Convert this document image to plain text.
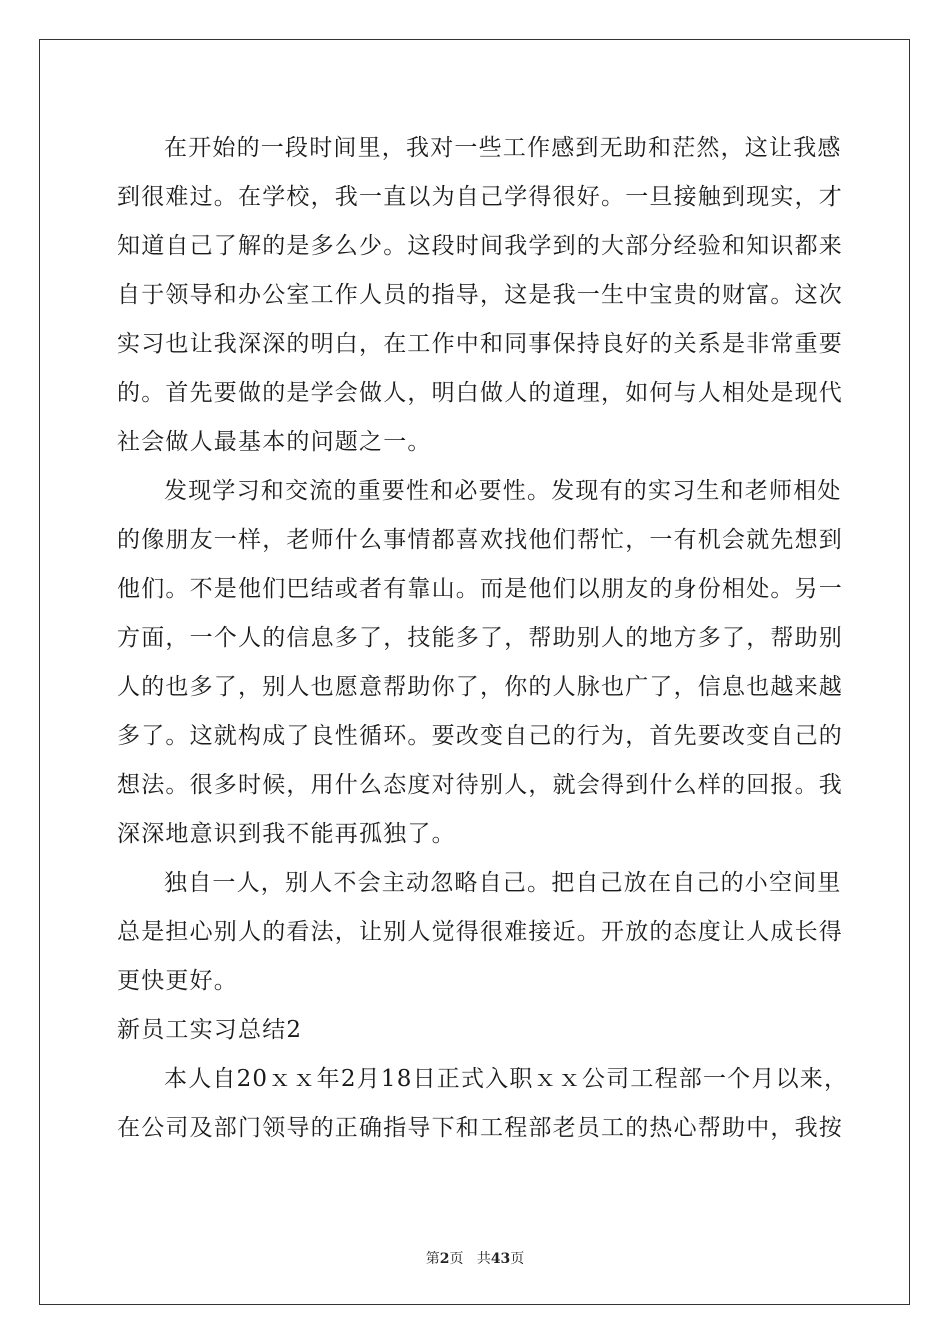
在开始的一段时间里，我对一些工作感到无助和茫然，这让我感
到很难过。在学校，我一直以为自己学得很好。一旦接触到现实，才
知道自己了解的是多么少。这段时间我学到的大部分经验和知识都来
自于领导和办公室工作人员的指导，这是我一生中宝贵的财富。这次
实习也让我深深的明白，在工作中和同事保持良好的关系是非常重要
的。首先要做的是学会做人，明白做人的道理，如何与人相处是现代
社会做人最基本的问题之一。
发现学习和交流的重要性和必要性。发现有的实习生和老师相处
的像朋友一样，老师什么事情都喜欢找他们帮忙，一有机会就先想到
他们。不是他们巴结或者有靠山。而是他们以朋友的身份相处。另一
方面，一个人的信息多了，技能多了，帮助别人的地方多了，帮助别
人的也多了，别人也愿意帮助你了，你的人脉也广了，信息也越来越
多了。这就构成了良性循环。要改变自己的行为，首先要改变自己的
想法。很多时候，用什么态度对待别人，就会得到什么样的回报。我
深深地意识到我不能再孤独了。
独自一人，别人不会主动忽略自己。把自己放在自己的小空间里
总是担心别人的看法，让别人觉得很难接近。开放的态度让人成长得
更快更好。
新员工实习总结2
本人自20ｘｘ年2月18日正式入职ｘｘ公司工程部一个月以来，
在公司及部门领导的正确指导下和工程部老员工的热心帮助中，我按
第2页 共43页
